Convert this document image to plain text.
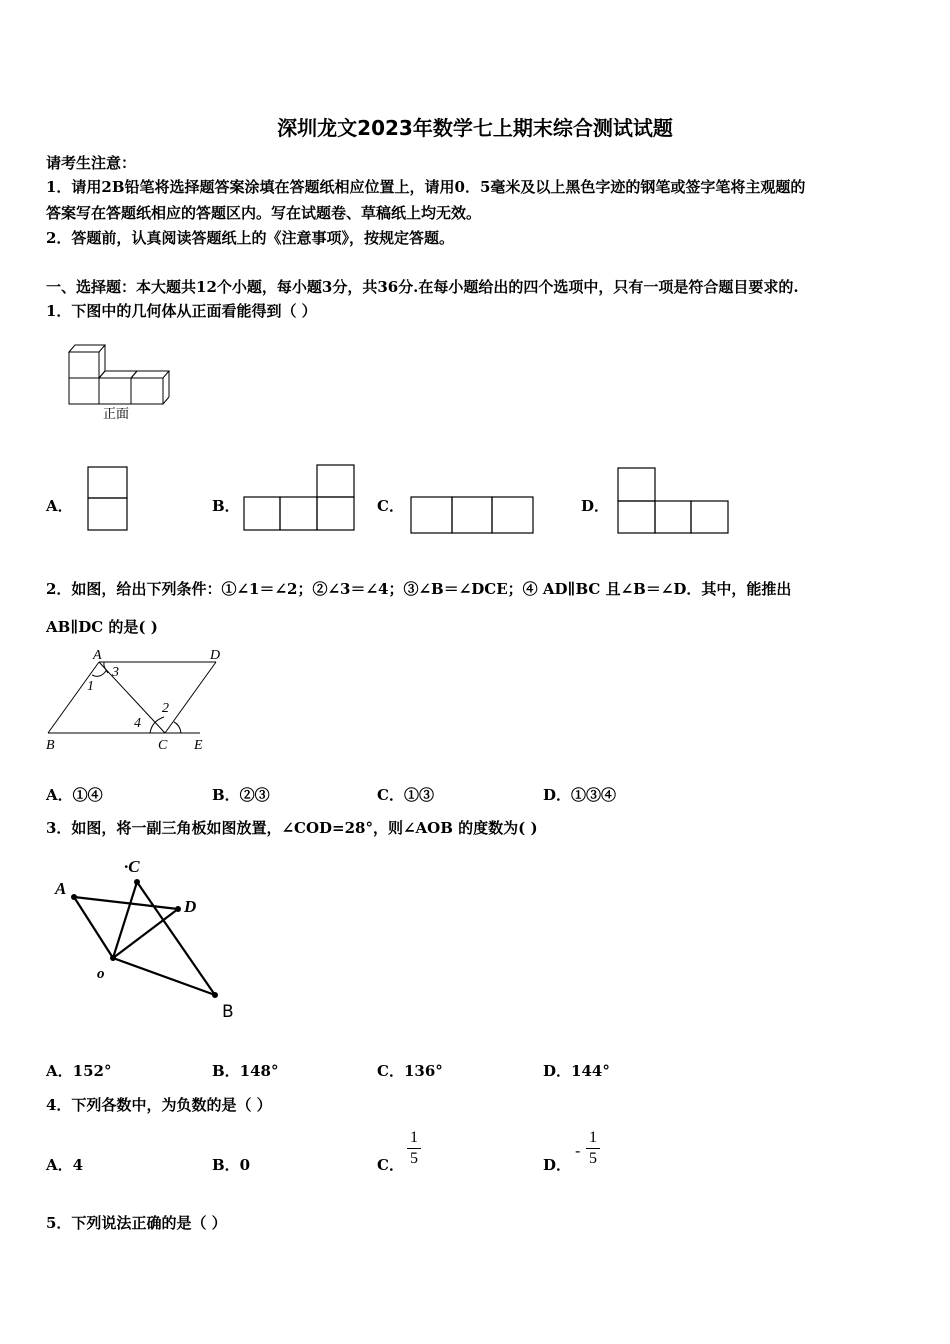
深圳龙文2023年数学七上期末综合测试试题
请考生注意：
1．请用2B铅笔将选择题答案涂填在答题纸相应位置上，请用0．5毫米及以上黑色字迹的钢笔或签字笔将主观题的
答案写在答题纸相应的答题区内。写在试题卷、草稿纸上均无效。
2．答题前，认真阅读答题纸上的《注意事项》，按规定答题。
一、选择题：本大题共12个小题，每小题3分，共36分.在每小题给出的四个选项中，只有一项是符合题目要求的.
1．下图中的几何体从正面看能得到（ ）
正面
A．	B．	C．	D．
2．如图，给出下列条件：①∠1＝∠2；②∠3＝∠4；③∠B＝∠DCE；④ AD∥BC 且∠B＝∠D．其中，能推出
AB∥DC 的是( )
A	D
3
1
2
4
B	C E
A．①④	B．②③	C．①③	D．①③④
3．如图，将一副三角板如图放置，∠COD=28°，则∠AOB 的度数为( )
·C
A
D
o
B
A．152°	B．148°	C．136°	D．144°
4．下列各数中，为负数的是（ ）
A．4	B．0	C．
1
5	D．
-
1
5
5．下列说法正确的是（ ）
